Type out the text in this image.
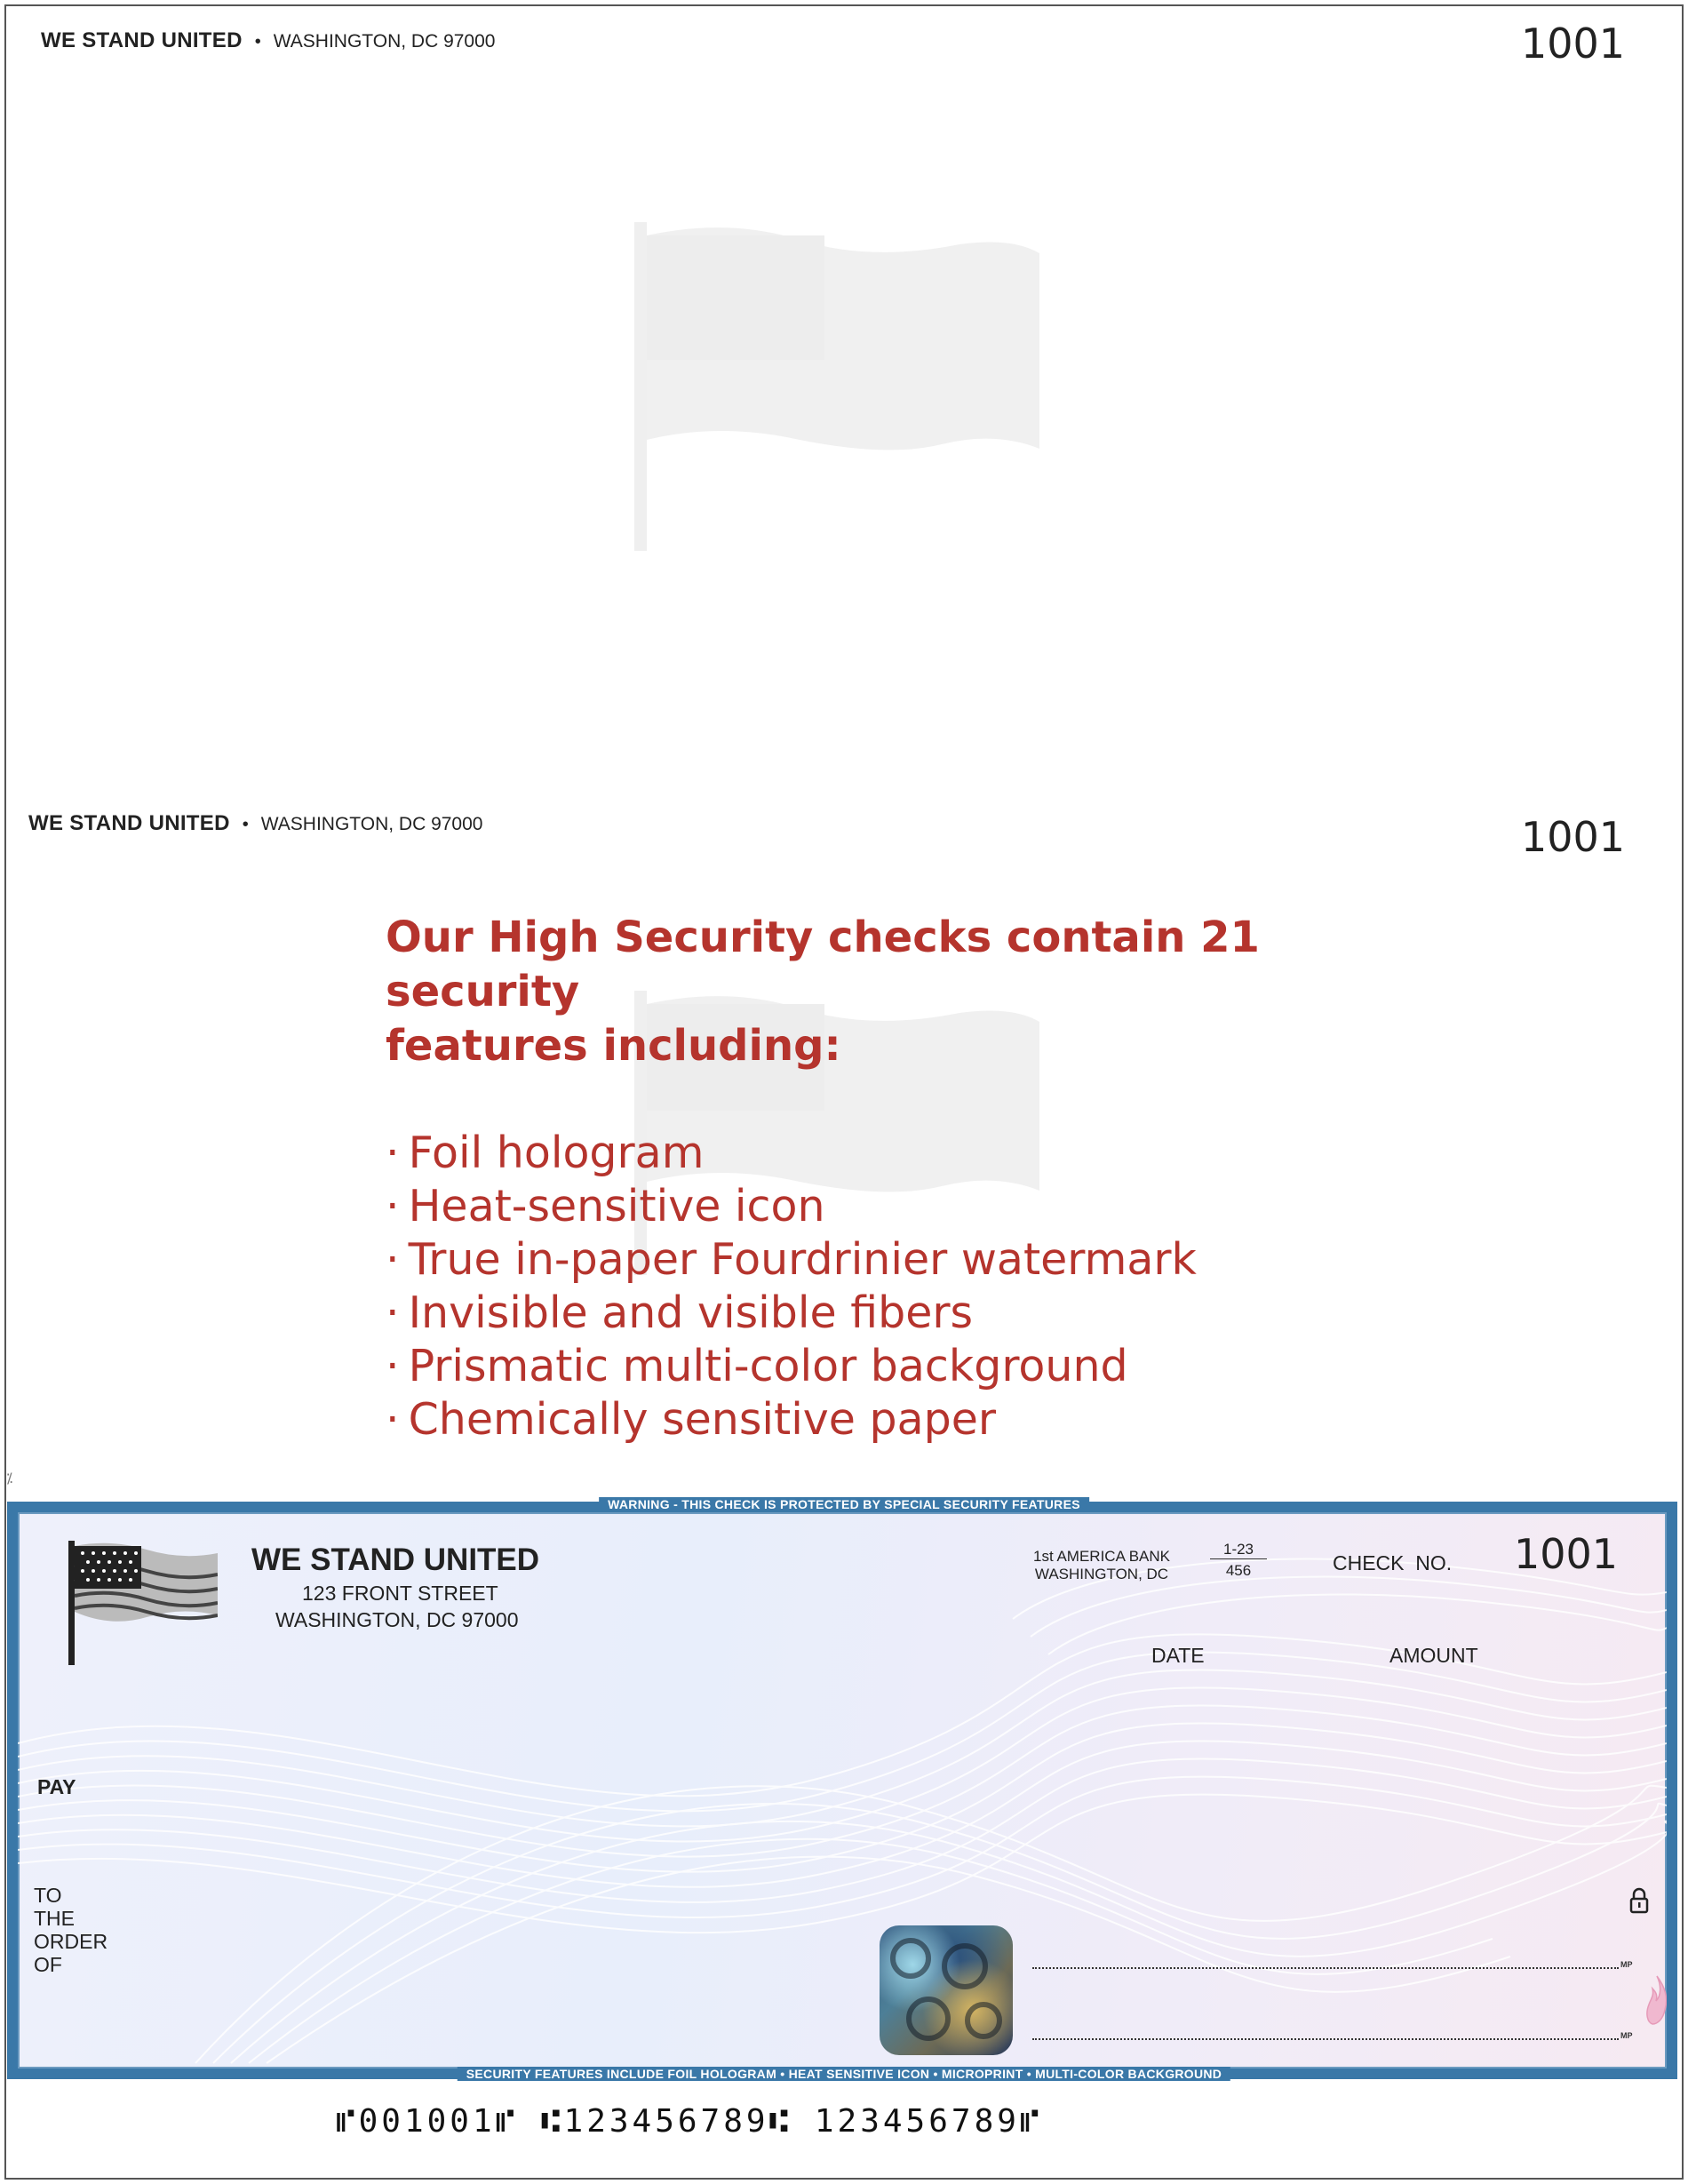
WE STAND UNITED • WASHINGTON, DC 97000	1001
WE STAND UNITED • WASHINGTON, DC 97000	1001

Our High Security checks contain 21 security

features including:

· Foil hologram
· Heat-sensitive icon
· True in-paper Fourdrinier watermark
· Invisible and visible fibers
· Prismatic multi-color background
· Chemically sensitive paper
⁒
WE STAND UNITED
123 FRONT STREET
WASHINGTON, DC 97000
1st AMERICA BANK
WASHINGTON, DC
1-23
456	CHECK  NO. 1001
DATE	AMOUNT
PAY
TO
THE
ORDER
OF	MP
MP
WARNING - THIS CHECK IS PROTECTED BY SPECIAL SECURITY FEATURES
SECURITY FEATURES INCLUDE FOIL HOLOGRAM • HEAT SENSITIVE ICON • MICROPRINT • MULTI-COLOR BACKGROUND
⑈001001⑈ ⑆123456789⑆ 123456789⑈
